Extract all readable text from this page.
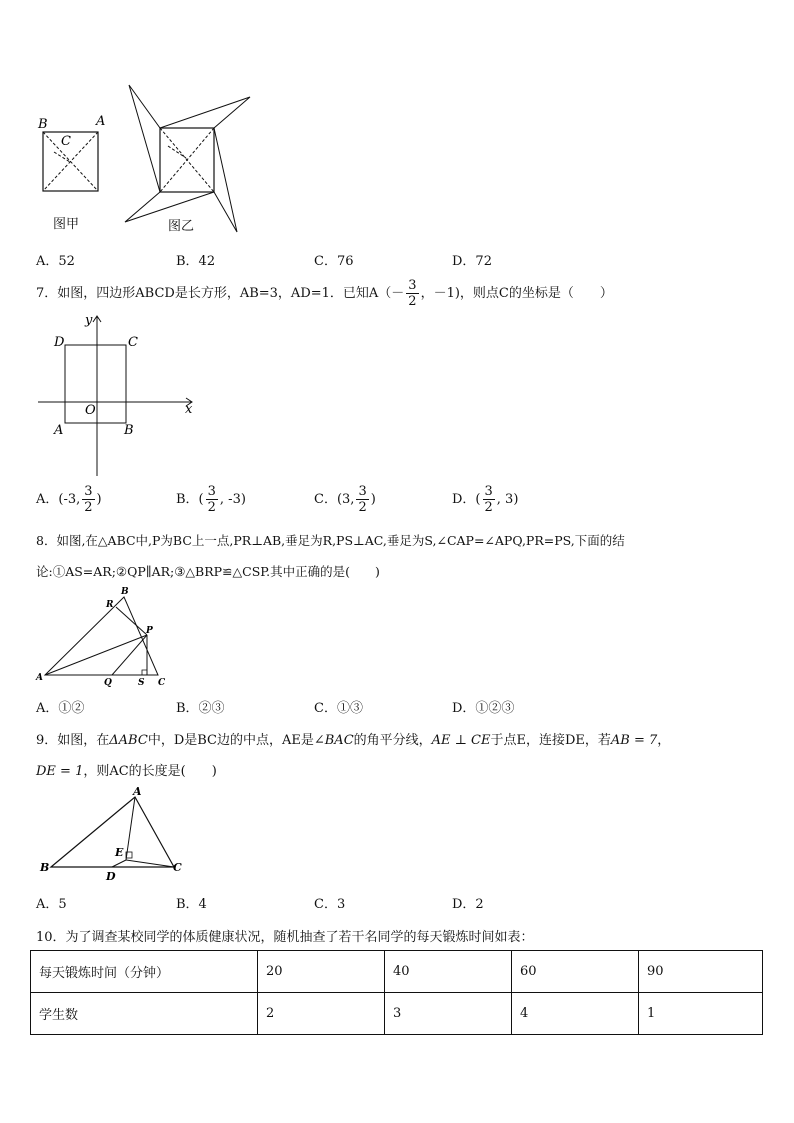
B	A
C
图甲	图乙
A．52	B．42	C．76	D．72
7．如图，四边形ABCD是长方形，AB=3，AD=1．已知$A(- \frac{3}{2}$ ，－1)，则点C的坐标是（　　）
y
x
D	C
O
A	B
A．(-3, $\frac{3}{2}$ )	B．( $\frac{3}{2}$ , -3)	C．(3, $\frac{3}{2}$ )	D．( $\frac{3}{2}$ , 3)
8．如图,在△ABC中,P为BC上一点,PR⊥AB,垂足为R,PS⊥AC,垂足为S,∠CAP=∠APQ,PR=PS,下面的结
论:①AS=AR;②QP∥AR;③△BRP≌△CSP.其中正确的是(　　)
B
R
P
A	Q	S C
A．①②	B．②③	C．①③	D．①②③
9．如图，在ΔABC中，D是BC边的中点，AE是∠BAC的角平分线，AE ⊥ CE于点E，连接DE，若AB = 7，
DE = 1，则AC的长度是(　　)
A
E
B
D
C
A．5	B．4	C．3	D．2
10．为了调查某校同学的体质健康状况，随机抽查了若干名同学的每天锻炼时间如表：
每天锻炼时间（分钟）	20	40	60	90
学生数	2	3	4	1
